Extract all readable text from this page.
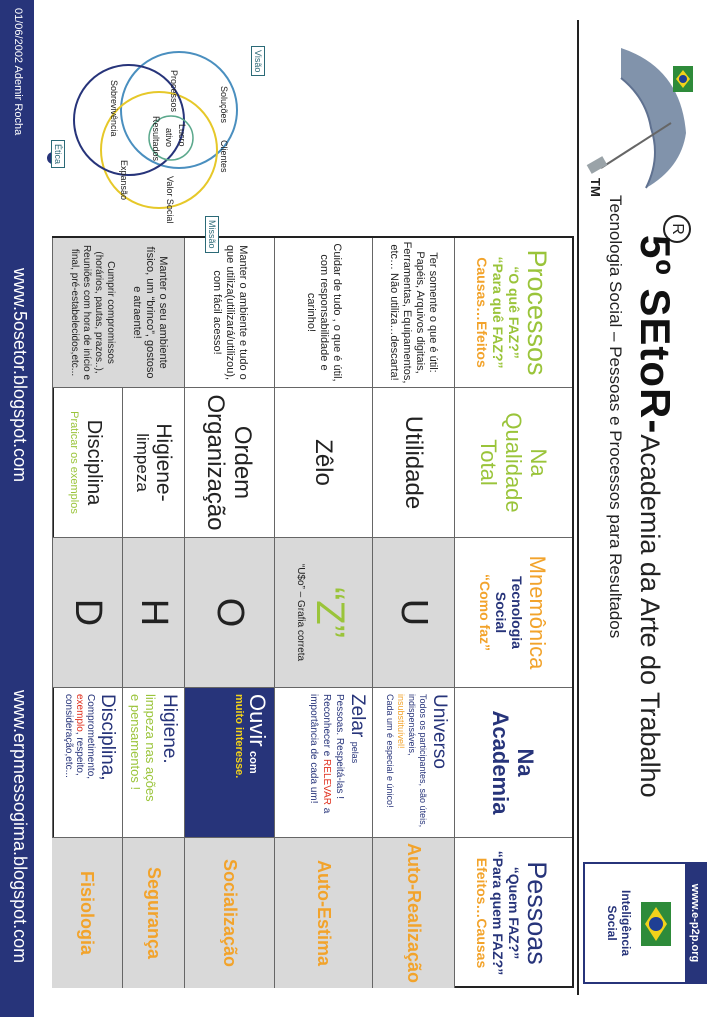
TM
R
5º SEtoR-Academia da Arte do Trabalho
Tecnologia Social – Pessoas e Processos para Resultados
www.e-p2p.org
Inteligência
Social
Processos
“O quê FAZ?”
“Para quê FAZ?”
Causas…Efeitos
Ter somente o que é útil: Papéis, Arquivos digitais, Ferramentas, Equipamentos, etc… Não utiliza…descarta!
Cuidar de tudo , o que é útil, com responsabilidade e carinho!
Manter o ambiente e tudo o que utiliza(utilizará/utilizou), com fácil acesso!
Manter o seu ambiente físico, um “brinco”, gostoso e atraente!
Cumprir compromissos (horários, pautas, prazos..), Reuniões com hora de início e final, pré-estabelecidos,etc...
Na
Qualidade
Total
Utilidade
Zêlo
Ordem
Organização
Higiene-
limpeza
Disciplina
Praticar os exemplos
Mnemônica
Tecnologia
Social
“Como faz”
U
“Z”
“U$o” – Grafia correta
O
H
D
Na
Academia
Universo
Todos os participantes, são úteis, indispensáveis,
insubstituível!
Cada um é especial e único!
Zelar pelas
Pessoas. Respeitá-las !
Reconhecer e RELEVAR a importância de cada um!
Ouvir com
muito interesse.
Higiene.
limpeza nas ações
e pensamentos !
Disciplina,
Comprometimento,
exemplo, respeito,
consideração,etc...
Pessoas
“Quem FAZ?”
“Para quem FAZ?”
Efeitos…Causas
Auto-Realização
Auto-Estima
Socialização
Segurança
Fisiologia
Visão
Ética
Missão
Soluções
Clientes
Lucro
ativo
Resultados
Processos
Expansão
Sobrevivência
Valor Social
01/06/2002 Ademir Rocha
www.5osetor.blogspot.com
www.erpmessogima.blogspot.com
